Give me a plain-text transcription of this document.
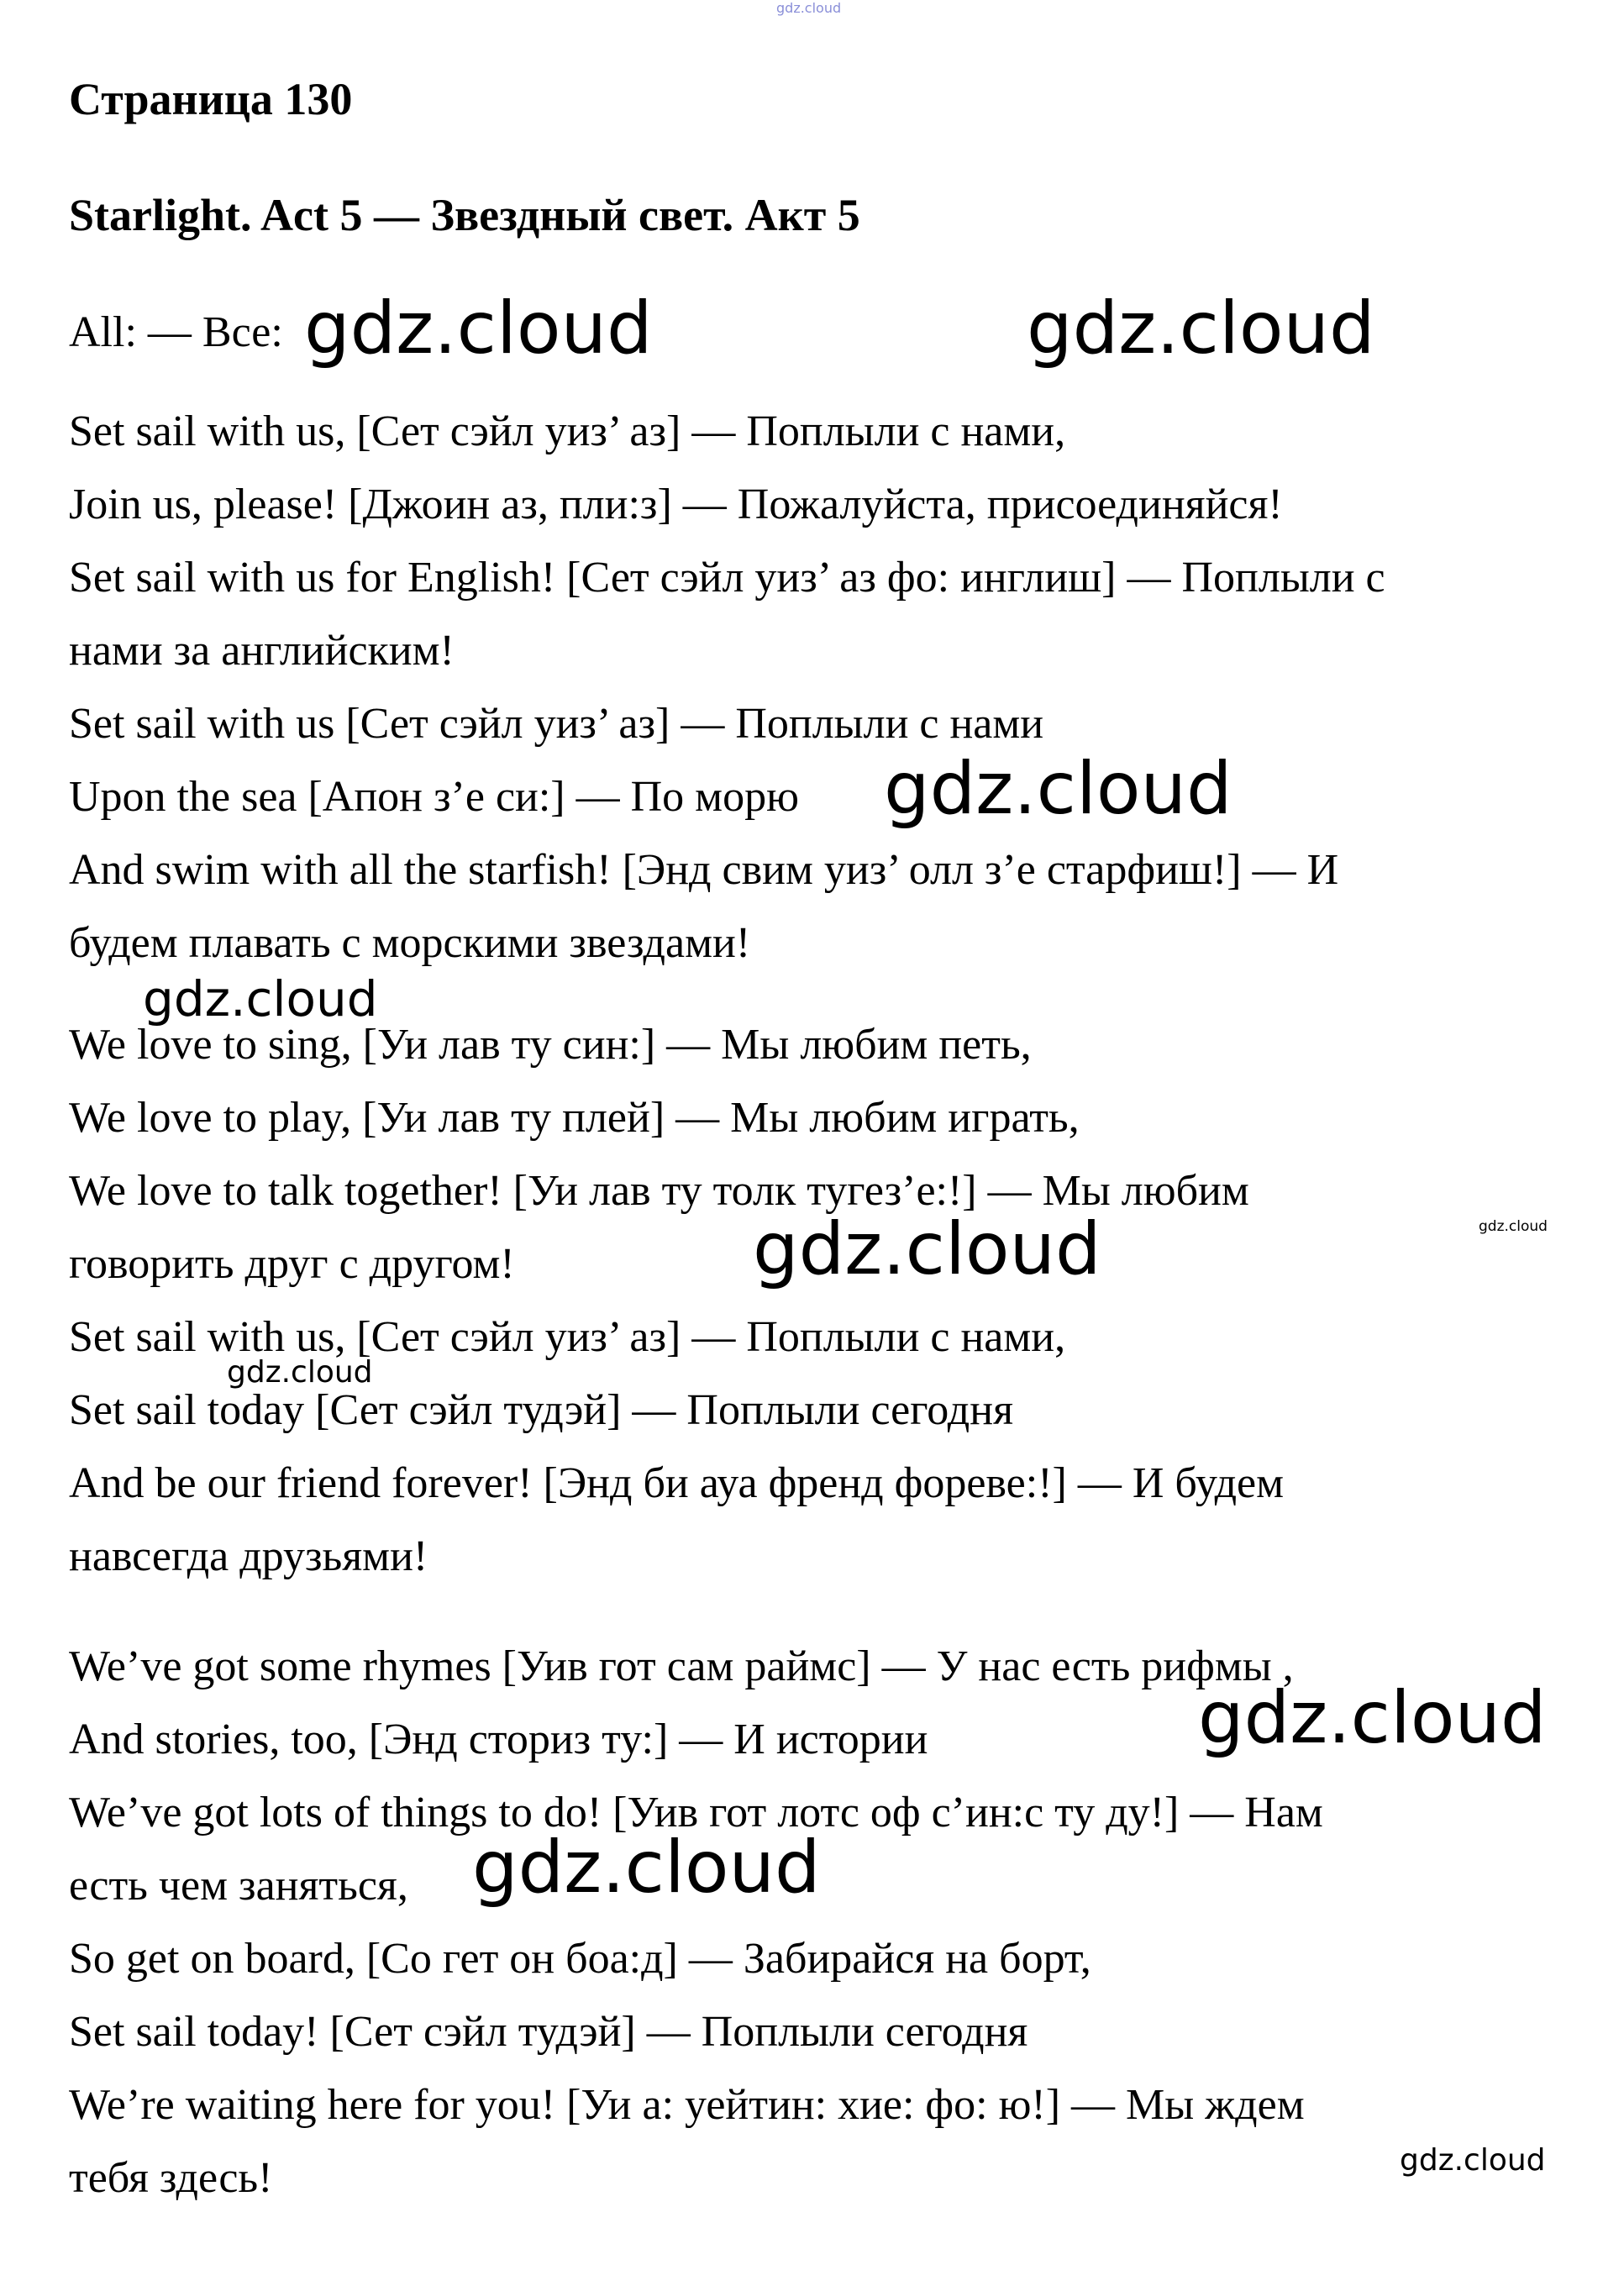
gdz.cloud
Страница 130
Starlight. Act 5 — Звездный свет. Акт 5
All: — Все:
Set sail with us, [Сет сэйл уиз’ аз] — Поплыли с нами,
Join us, please! [Джоин аз, пли:з] — Пожалуйста, присоединяйся!
Set sail with us for English! [Сет сэйл уиз’ аз фо: инглиш] — Поплыли с
нами за английским!
Set sail with us [Сет сэйл уиз’ аз] — Поплыли с нами
Upon the sea [Апон з’е си:] — По морю
And swim with all the starfish! [Энд свим уиз’ олл з’е старфиш!] — И
будем плавать с морскими звездами!
We love to sing, [Уи лав ту син:] — Мы любим петь,
We love to play, [Уи лав ту плей] — Мы любим играть,
We love to talk together! [Уи лав ту толк тугез’е:!] — Мы любим
говорить друг с другом!
Set sail with us, [Сет сэйл уиз’ аз] — Поплыли с нами,
Set sail today [Сет сэйл тудэй] — Поплыли сегодня
And be our friend forever! [Энд би ауа френд фореве:!] — И будем
навсегда друзьями!
We’ve got some rhymes [Уив гот сам раймс] — У нас есть рифмы ,
And stories, too, [Энд сториз ту:] — И истории
We’ve got lots of things to do! [Уив гот лотс оф с’ин:с ту ду!] — Нам
есть чем заняться,
So get on board, [Со гет он боа:д] — Забирайся на борт,
Set sail today! [Сет сэйл тудэй] — Поплыли сегодня
We’re waiting here for you! [Уи а: уейтин: хие: фо: ю!] — Мы ждем
тебя здесь!
gdz.cloud	gdz.cloud
gdz.cloud
gdz.cloud
gdz.cloud
gdz.cloud
gdz.cloud
gdz.cloud
gdz.cloud
gdz.cloud
